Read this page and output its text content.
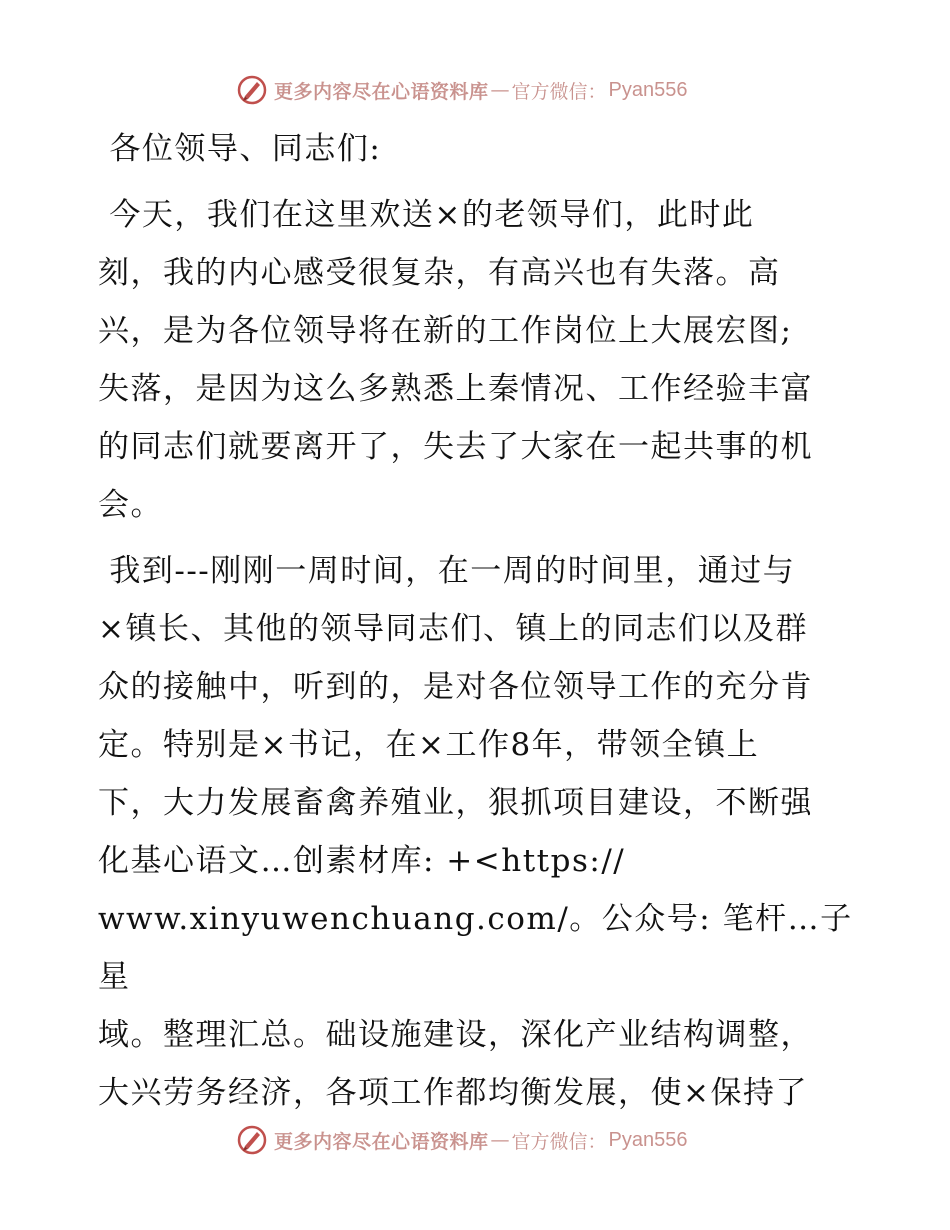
更多内容尽在心语资料库 — 官方微信： Pyan556

各位领导、同志们:

今天，我们在这里欢送×的老领导们，此时此
刻，我的内心感受很复杂，有高兴也有失落。高
兴，是为各位领导将在新的工作岗位上大展宏图;
失落，是因为这么多熟悉上秦情况、工作经验丰富
的同志们就要离开了，失去了大家在一起共事的机
会。

我到---刚刚一周时间，在一周的时间里，通过与
×镇长、其他的领导同志们、镇上的同志们以及群
众的接触中，听到的，是对各位领导工作的充分肯
定。特别是×书记，在×工作8年，带领全镇上
下，大力发展畜禽养殖业，狠抓项目建设，不断强
化基心语文…创素材库: +<https://
www.xinyuwenchuang.com/。公众号: 笔杆…子星
域。整理汇总。础设施建设，深化产业结构调整，
大兴劳务经济，各项工作都均衡发展，使×保持了

更多内容尽在心语资料库 — 官方微信： Pyan556
